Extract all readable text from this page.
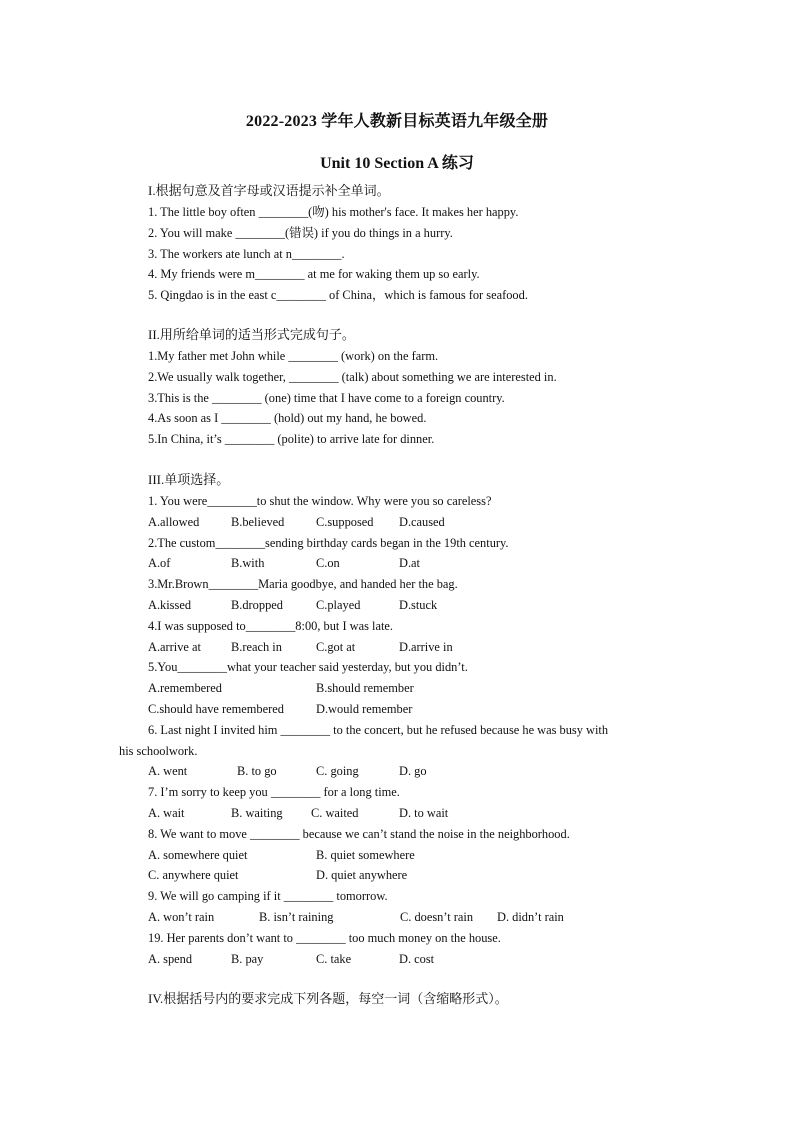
2022-2023 学年人教新目标英语九年级全册
Unit 10 Section A 练习
I.根据句意及首字母或汉语提示补全单词。
1. The little boy often ________(吻) his mother's face. It makes her happy.
2. You will make ________(错误) if you do things in a hurry.
3. The workers ate lunch at n________.
4. My friends were m________ at me for waking them up so early.
5. Qingdao is in the east c________ of China，which is famous for seafood.
II.用所给单词的适当形式完成句子。
1.My father met John while ________ (work) on the farm.
2.We usually walk together, ________ (talk) about something we are interested in.
3.This is the ________ (one) time that I have come to a foreign country.
4.As soon as I ________ (hold) out my hand, he bowed.
5.In China, it’s ________ (polite) to arrive late for dinner.
III.单项选择。
1. You were________to shut the window. Why were you so careless?
A.allowed	B.believed	C.supposed D.caused
2.The custom________sending birthday cards began in the 19th century.
A.of	B.with	C.on	D.at
3.Mr.Brown________Maria goodbye, and handed her the bag.
A.kissed	B.dropped	C.played	D.stuck
4.I was supposed to________8:00, but I was late.
A.arrive at B.reach in	C.got at	D.arrive in
5.You________what your teacher said yesterday, but you didn’t.
A.remembered	B.should remember
C.should have remembered	D.would remember
6. Last night I invited him ________ to the concert, but he refused because he was busy with
his schoolwork.
A. went	B. to go	C. going	D. go
7. I’m sorry to keep you ________ for a long time.
A. wait	B. waiting C. waited	D. to wait
8. We want to move ________ because we can’t stand the noise in the neighborhood.
A. somewhere quiet	B. quiet somewhere
C. anywhere quiet	D. quiet anywhere
9. We will go camping if it ________ tomorrow.
A. won’t rain	B. isn’t raining	C. doesn’t rain D. didn’t rain
19. Her parents don’t want to ________ too much money on the house.
A. spend	B. pay	C. take	D. cost
IV.根据括号内的要求完成下列各题，每空一词（含缩略形式）。
